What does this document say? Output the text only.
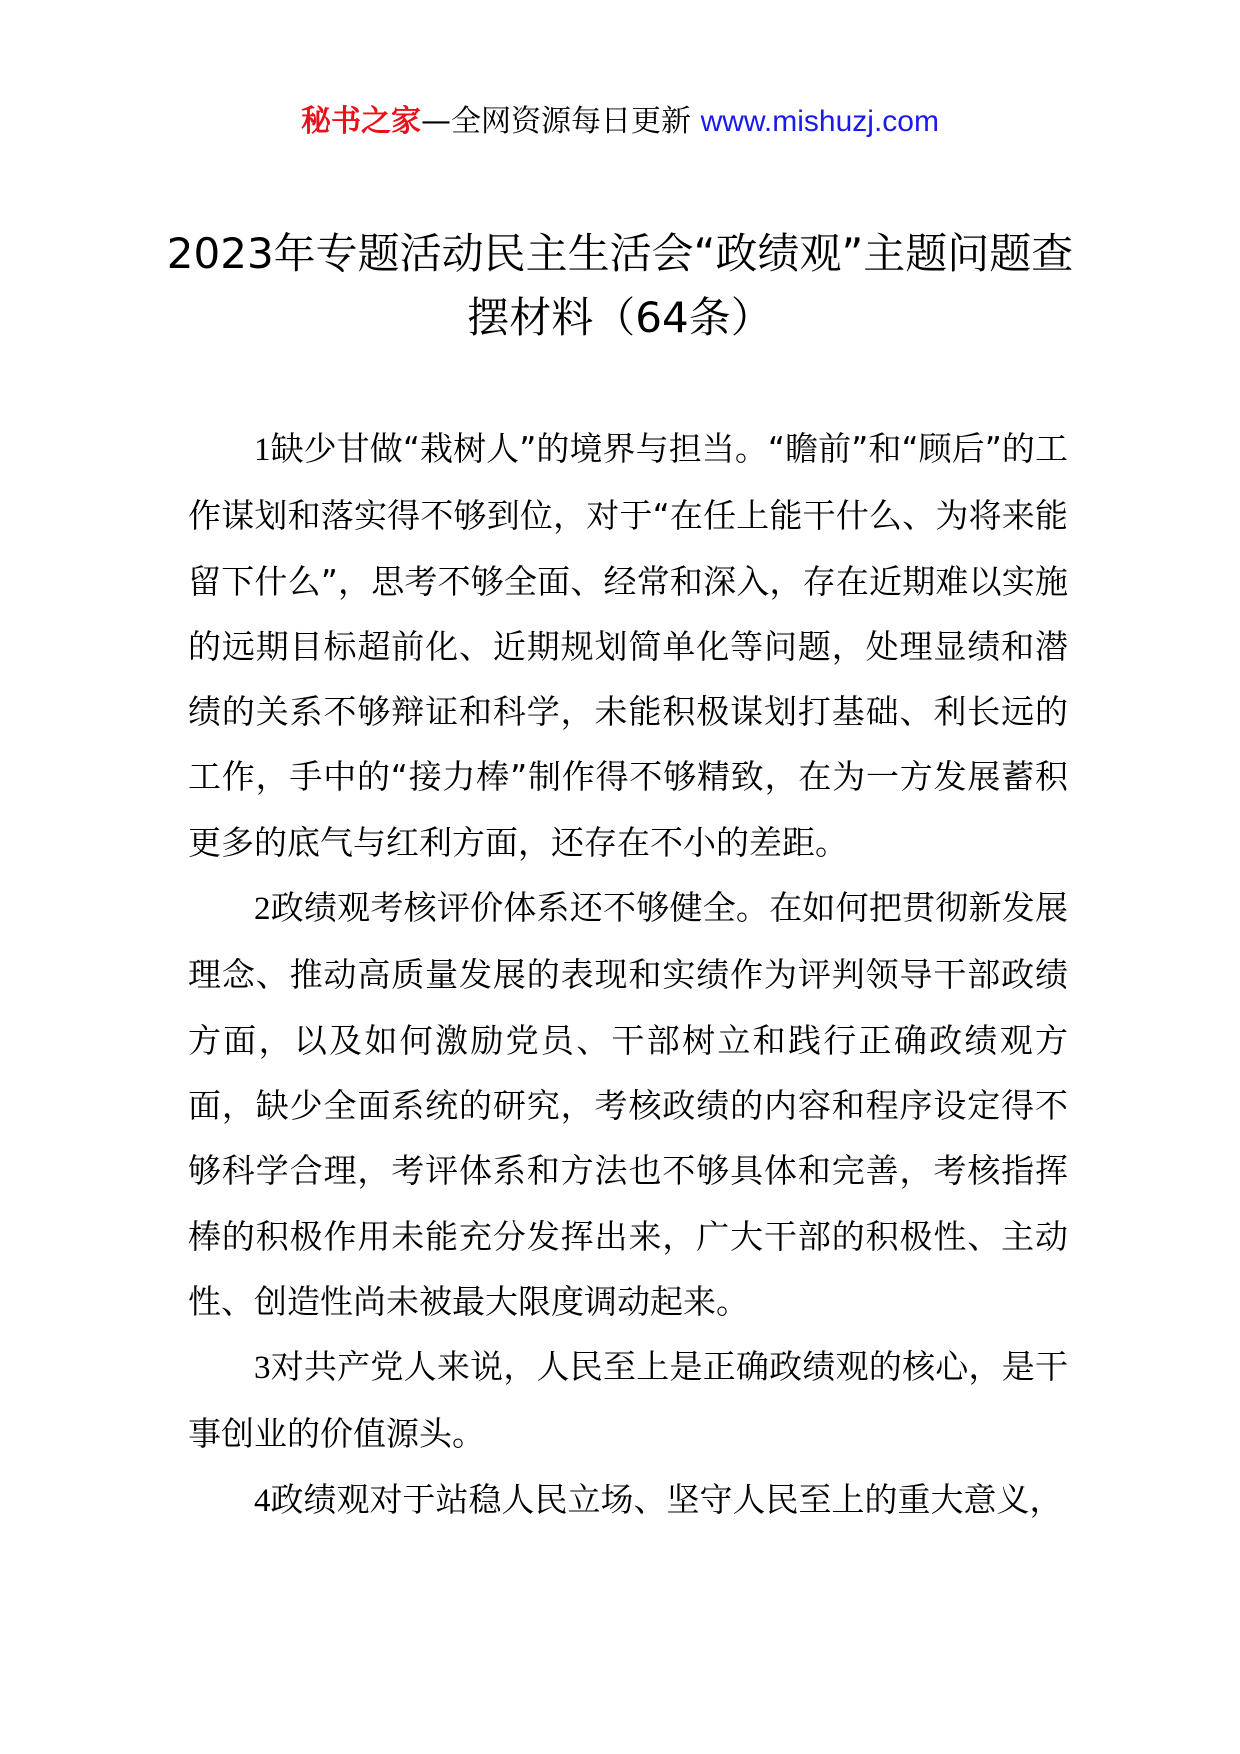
秘书之家—全网资源每日更新 www.mishuzj.com
2023年专题活动民主生活会“政绩观”主题问题查摆材料（64条）

1缺少甘做“栽树人”的境界与担当。“瞻前”和“顾后”的工作谋划和落实得不够到位，对于“在任上能干什么、为将来能留下什么”，思考不够全面、经常和深入，存在近期难以实施的远期目标超前化、近期规划简单化等问题，处理显绩和潜绩的关系不够辩证和科学，未能积极谋划打基础、利长远的工作，手中的“接力棒”制作得不够精致，在为一方发展蓄积更多的底气与红利方面，还存在不小的差距。

2政绩观考核评价体系还不够健全。在如何把贯彻新发展理念、推动高质量发展的表现和实绩作为评判领导干部政绩方面，以及如何激励党员、干部树立和践行正确政绩观方面，缺少全面系统的研究，考核政绩的内容和程序设定得不够科学合理，考评体系和方法也不够具体和完善，考核指挥棒的积极作用未能充分发挥出来，广大干部的积极性、主动性、创造性尚未被最大限度调动起来。

3对共产党人来说，人民至上是正确政绩观的核心，是干事创业的价值源头。

4政绩观对于站稳人民立场、坚守人民至上的重大意义，
